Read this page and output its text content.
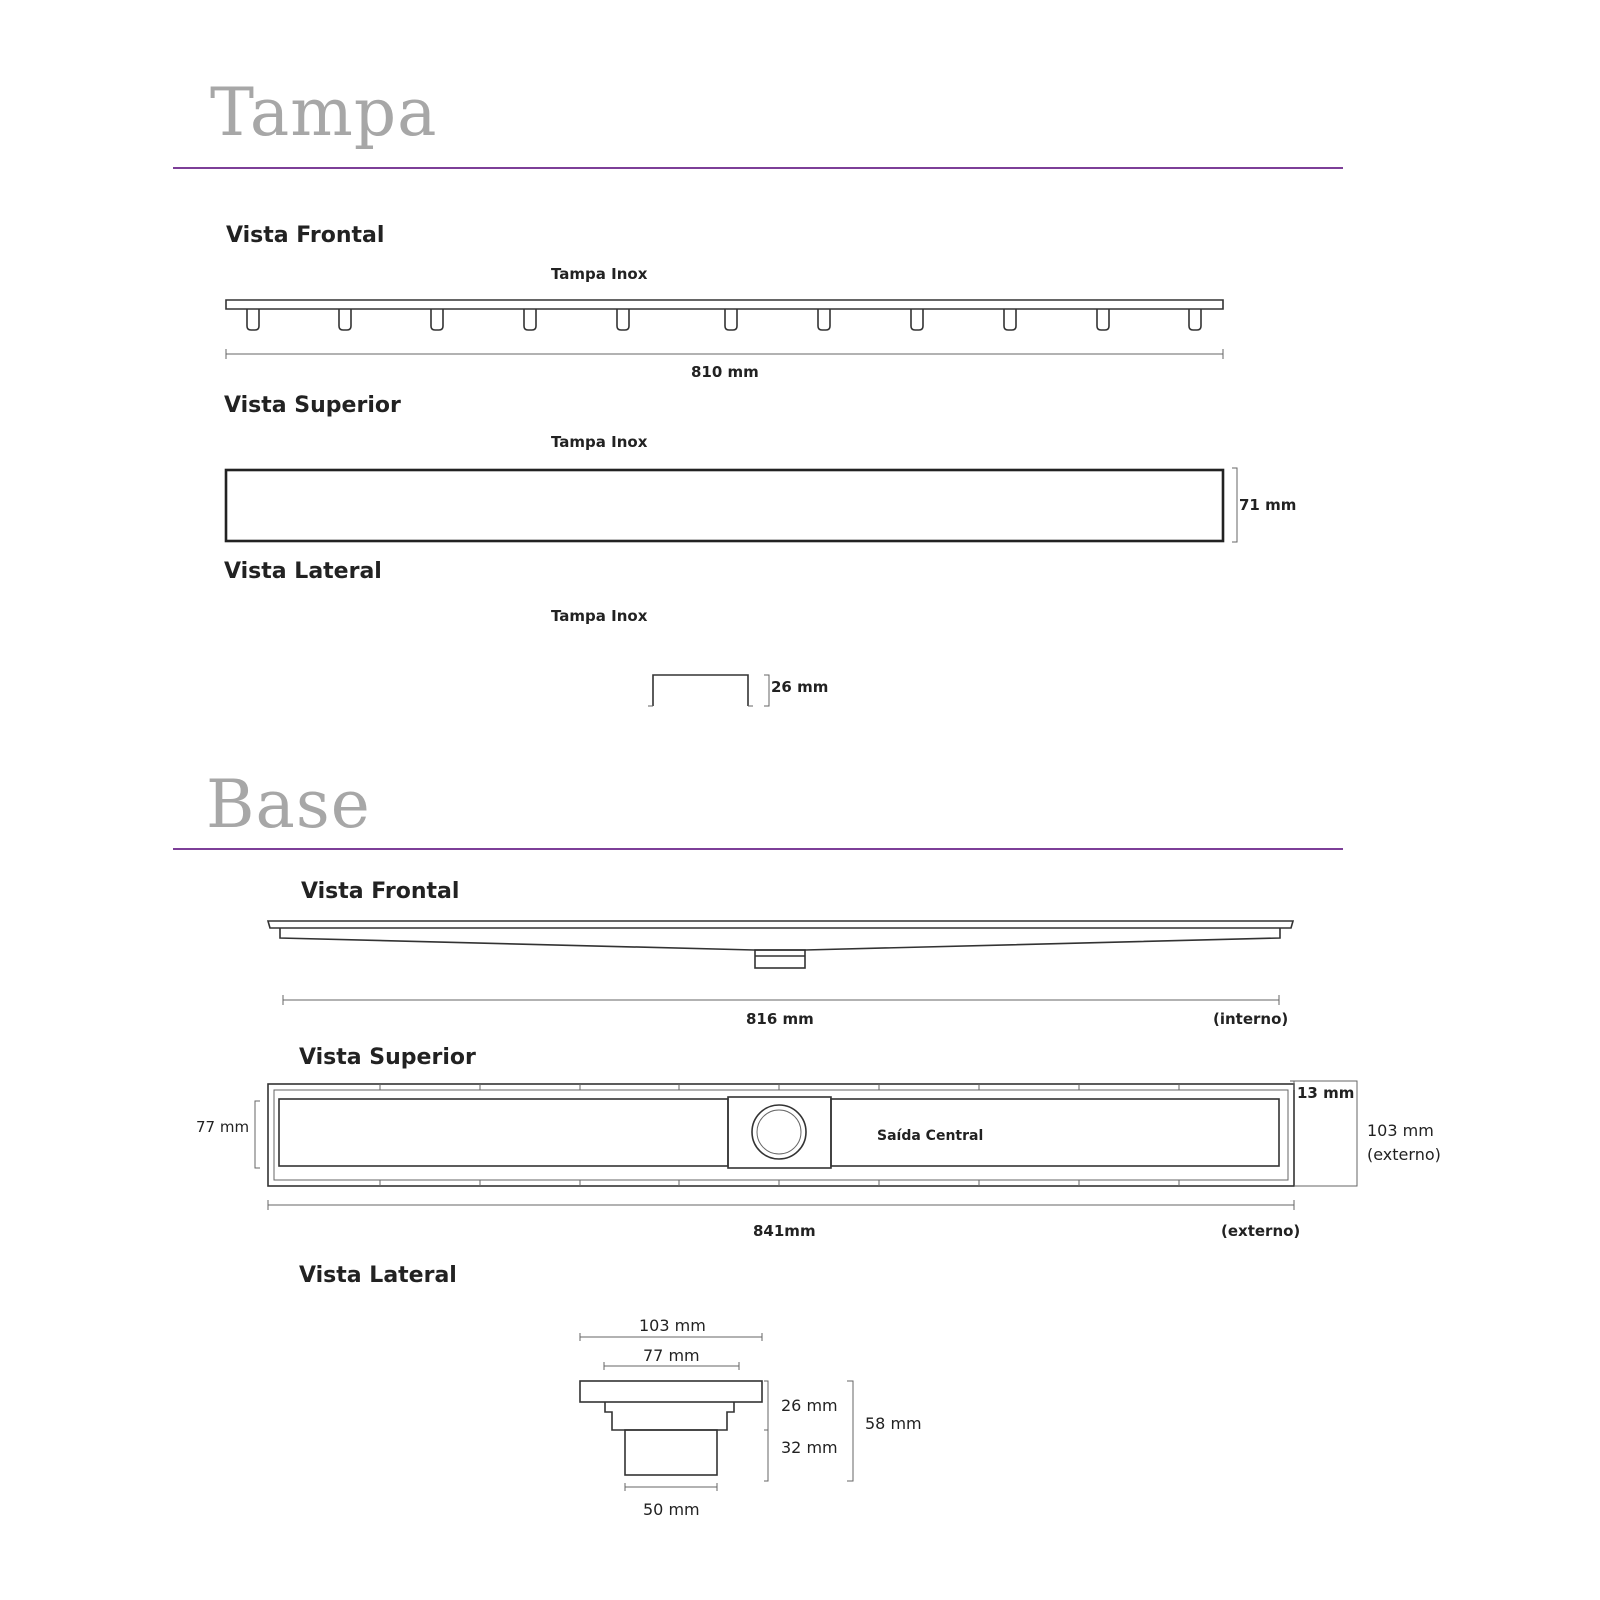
Tampa
Vista Frontal
Tampa Inox
810 mm
Vista Superior
Tampa Inox
71 mm
Vista Lateral
Tampa Inox
26 mm
Base
Vista Frontal
816 mm	(interno)
Vista Superior
77 mm
13 mm
103 mm
(externo)
Saída Central
841mm	(externo)
Vista Lateral
103 mm
77 mm
26 mm
32 mm
58 mm
50 mm
